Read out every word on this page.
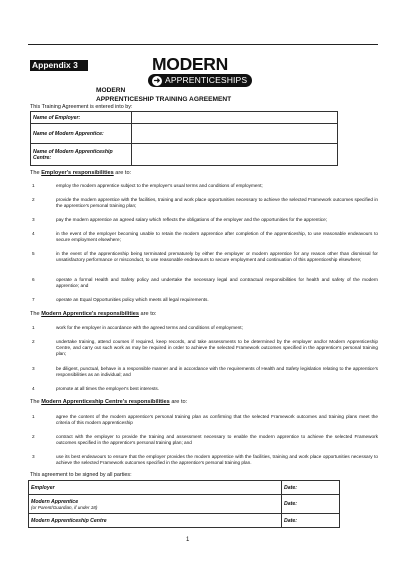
Appendix 3	MODERN
➜ APPRENTICESHIPS
MODERN
APPRENTICESHIP TRAINING AGREEMENT
This Training Agreement is entered into by:
Name of Employer:	
Name of Modern Apprentice:	
Name of Modern Apprenticeship Centre:	
The Employer's responsibilities are to:
1	employ the modern apprentice subject to the employer's usual terms and conditions of employment;
2	provide the modern apprentice with the facilities, training and work place opportunities necessary to achieve the selected Framework outcomes specified in the apprentice's personal training plan;
3	pay the modern apprentice an agreed salary which reflects the obligations of the employer and the opportunities for the apprentice;
4	in the event of the employer becoming unable to retain the modern apprentice after completion of the apprenticeship, to use reasonable endeavours to secure employment elsewhere;
5	in the event of the apprenticeship being terminated prematurely by either the employer or modern apprentice for any reason other than dismissal for unsatisfactory performance or misconduct, to use reasonable endeavours to secure employment and continuation of this apprenticeship elsewhere;
6	operate a formal Health and Safety policy and undertake the necessary legal and contractual responsibilities for health and safety of the modern apprentice; and
7	operate an Equal Opportunities policy which meets all legal requirements.
The Modern Apprentice's responsibilities are to:
1	work for the employer in accordance with the agreed terms and conditions of employment;
2	undertake training, attend courses if required, keep records, and take assessments to be determined by the employer and/or Modern Apprenticeship Centre, and carry out such work as may be required in order to achieve the selected Framework outcomes specified in the apprentice's personal training plan;
3	be diligent, punctual, behave in a responsible manner and in accordance with the requirements of Health and Safety legislation relating to the apprentice's responsibilities as an individual; and
4	promote at all times the employer's best interests.
The Modern Apprenticeship Centre's responsibilities are to:
1	agree the content of the modern apprentice's personal training plan as confirming that the selected Framework outcomes and training plans meet the criteria of this modern apprenticeship
2	contract with the employer to provide the training and assessment necessary to enable the modern apprentice to achieve the selected Framework outcomes specified in the apprentice's personal training plan; and
3	use its best endeavours to ensure that the employer provides the modern apprentice with the facilities, training and work place opportunities necessary to achieve the selected Framework outcomes specified in the apprentice's personal training plan.
This agreement to be signed by all parties:
Employer	Date:
Modern Apprentice
(or Parent/Guardian, if under 18)	Date:
Modern Apprenticeship Centre	Date:
1
